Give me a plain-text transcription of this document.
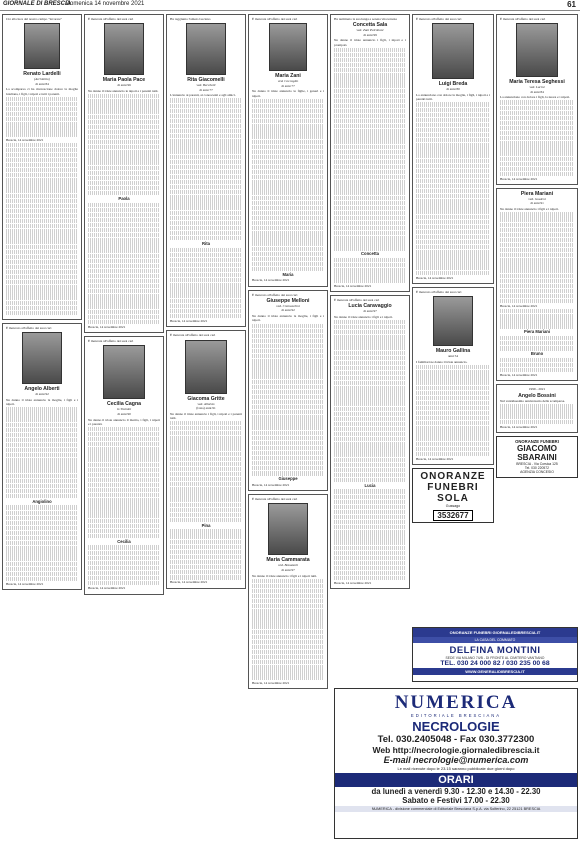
GIORNALE DI BRESCIA
· Domenica 14 novembre 2021	61
Ciò alla luce del nostro campo "lavorare"
Renato Lardelli
(Architetto)
di anni 84
La scomparsa ci ha rincrescione dolore la moglie Giuliana, i figli, i nipoti e tutti i parenti.
Brescia, 14 novembre 2021
È mancato all'affetto dei suoi cari
Angelo Alberti
di anni 92
Ne danno il triste annuncio la moglie, i figli e i nipoti.
Angiolino
Brescia, 14 novembre 2021
È mancata all'affetto dei suoi cari
Maria Paola Pace
di anni 96
Ne danno il triste annuncio le nipoti e i parenti tutti.
Paola
Brescia, 14 novembre 2021
È mancata all'affetto dei suoi cari
Cecilia Cagna
in Trainini
di anni 90
Ne danno il triste annuncio il marito, i figli, i nipoti e i parenti.
Cecilia
Brescia, 14 novembre 2021
Ha raggiunto l'amato Luciano
Rita Giacomelli
ved. Becchetti
di anni 77
L'annuncio ai parenti, ai conoscenti e agli amici.
Rita
Brescia, 14 novembre 2021
È mancata all'affetto dei suoi cari
Giacoma Gritte
ved. Alloisio
(Lina) anni 91
Ne danno il triste annuncio i figli, i nipoti e i parenti tutti.
Pina
Brescia, 14 novembre 2021
È mancata all'affetto dei suoi cari
Maria Zani
ved. Coccaglio
di anni 77
Ne danno il triste annuncio le figlie, i generi e i nipoti.
Maria
Brescia, 14 novembre 2021
È mancato all'affetto dei suoi cari
Giuseppe Melloni
ved. Cremaschini
di anni 92
Ne danno il triste annuncio la moglie, i figli e i nipoti.
Giuseppe
Brescia, 14 novembre 2021
È mancata all'affetto dei suoi cari
Maria Cammarata
ved. Bonazzoli
di anni 97
Ne danno il triste annuncio i figli e i nipoti tutti.
Brescia, 14 novembre 2021
Ha terminato la sua lunga e serena vita terrena
Concetta Sala
ved. Zani Petroboni
di anni 99
Ne danno il triste annuncio i figli, i nipoti e i pronipoti.
Concetta
Brescia, 14 novembre 2021
È mancata all'affetto dei suoi cari
Lucia Caravaggio
di anni 97
Ne danno il triste annuncio i figli e i nipoti.
Lucia
Brescia, 14 novembre 2021
È mancato all'affetto dei suoi cari
Luigi Breda
di anni 80
Lo annunciano con dolore la moglie, i figli, i nipoti e i parenti tutti.
Brescia, 14 novembre 2021
È mancato all'affetto dei suoi cari
Mauro Gallina
anni 54
I familiari ne danno il triste annuncio.
Brescia, 14 novembre 2021
ONORANZE FUNEBRI SOLA
Gussago
3532677
È mancata all'affetto dei suoi cari
Maria Teresa Seghessi
ved. Lucini
di anni 84
La annunciano con dolore i figli, la nuora e i nipoti.
Brescia, 14 novembre 2021
Piera Mariani
ved. Gualeni
di anni 91
Ne danno il triste annuncio i figli e i nipoti.
Brescia, 14 novembre 2021
Piera Mariani
Bruno
Brescia, 14 novembre 2021
1999 - 2021
Angelo Bossini
Nel ventiduesimo anniversario della scomparsa.
Brescia, 14 novembre 2021
ONORANZE FUNEBRI
GIACOMO
SBARAINI
BRESCIA - Via Corsica 125
Tel. 030 220572
AGENZIA CONCESIO
ONORANZE FUNEBRI GIORNALEDIBRESCIA.IT
LA CASA DEL COMMIATO
DELFINA MONTINI
SEDE VIA MILANO 74/B - DI FRONTE AL CIMITERO VANTIANO
TEL. 030 24 000 82 / 030 235 00 68
WWW.GENERALIDIBRESCIA.IT
NUMERICA
EDITORIALE BRESCIANA
NECROLOGIE
Tel. 030.2405048 - Fax 030.3772300
Web http://necrologie.giornaledibrescia.it
E-mail necrologie@numerica.com
Le mail ricevute dopo le 23.15 saranno pubblicate due giorni dopo
ORARI
da lunedì a venerdì 9.30 - 12.30 e 14.30 - 22.30
Sabato e Festivi 17.00 - 22.30
NUMERICA - divisione commerciale di Editoriale Bresciana S.p.A. via Solferino, 22 25121 BRESCIA
